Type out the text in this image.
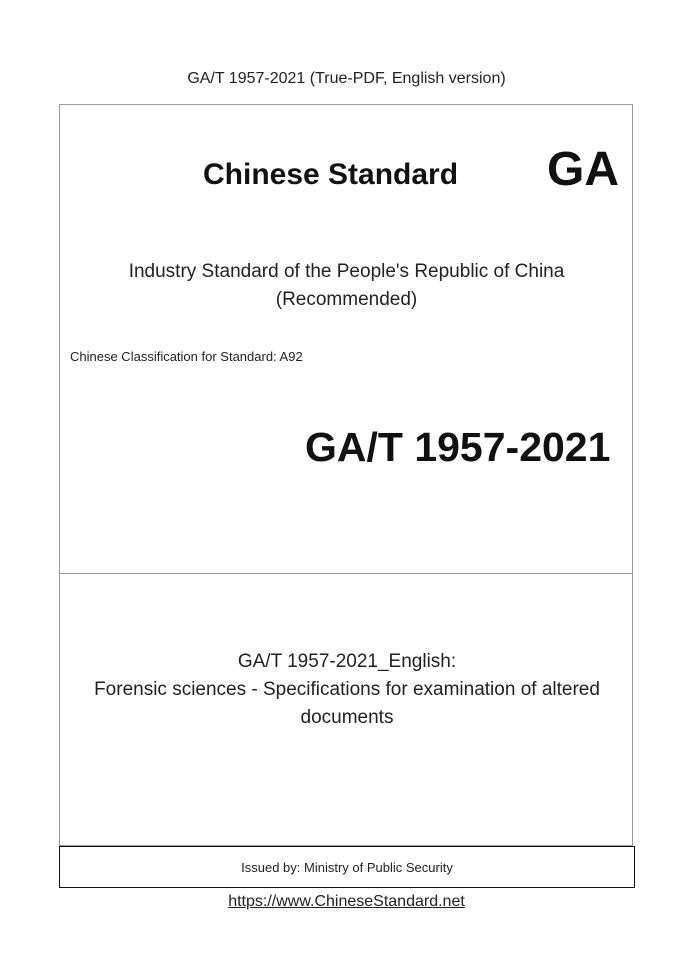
GA/T 1957-2021 (True-PDF, English version)
Chinese Standard GA
Industry Standard of the People's Republic of China
(Recommended)
Chinese Classification for Standard: A92
GA/T 1957-2021
GA/T 1957-2021_English:
Forensic sciences - Specifications for examination of altered
documents
Issued by: Ministry of Public Security
https://www.ChineseStandard.net
